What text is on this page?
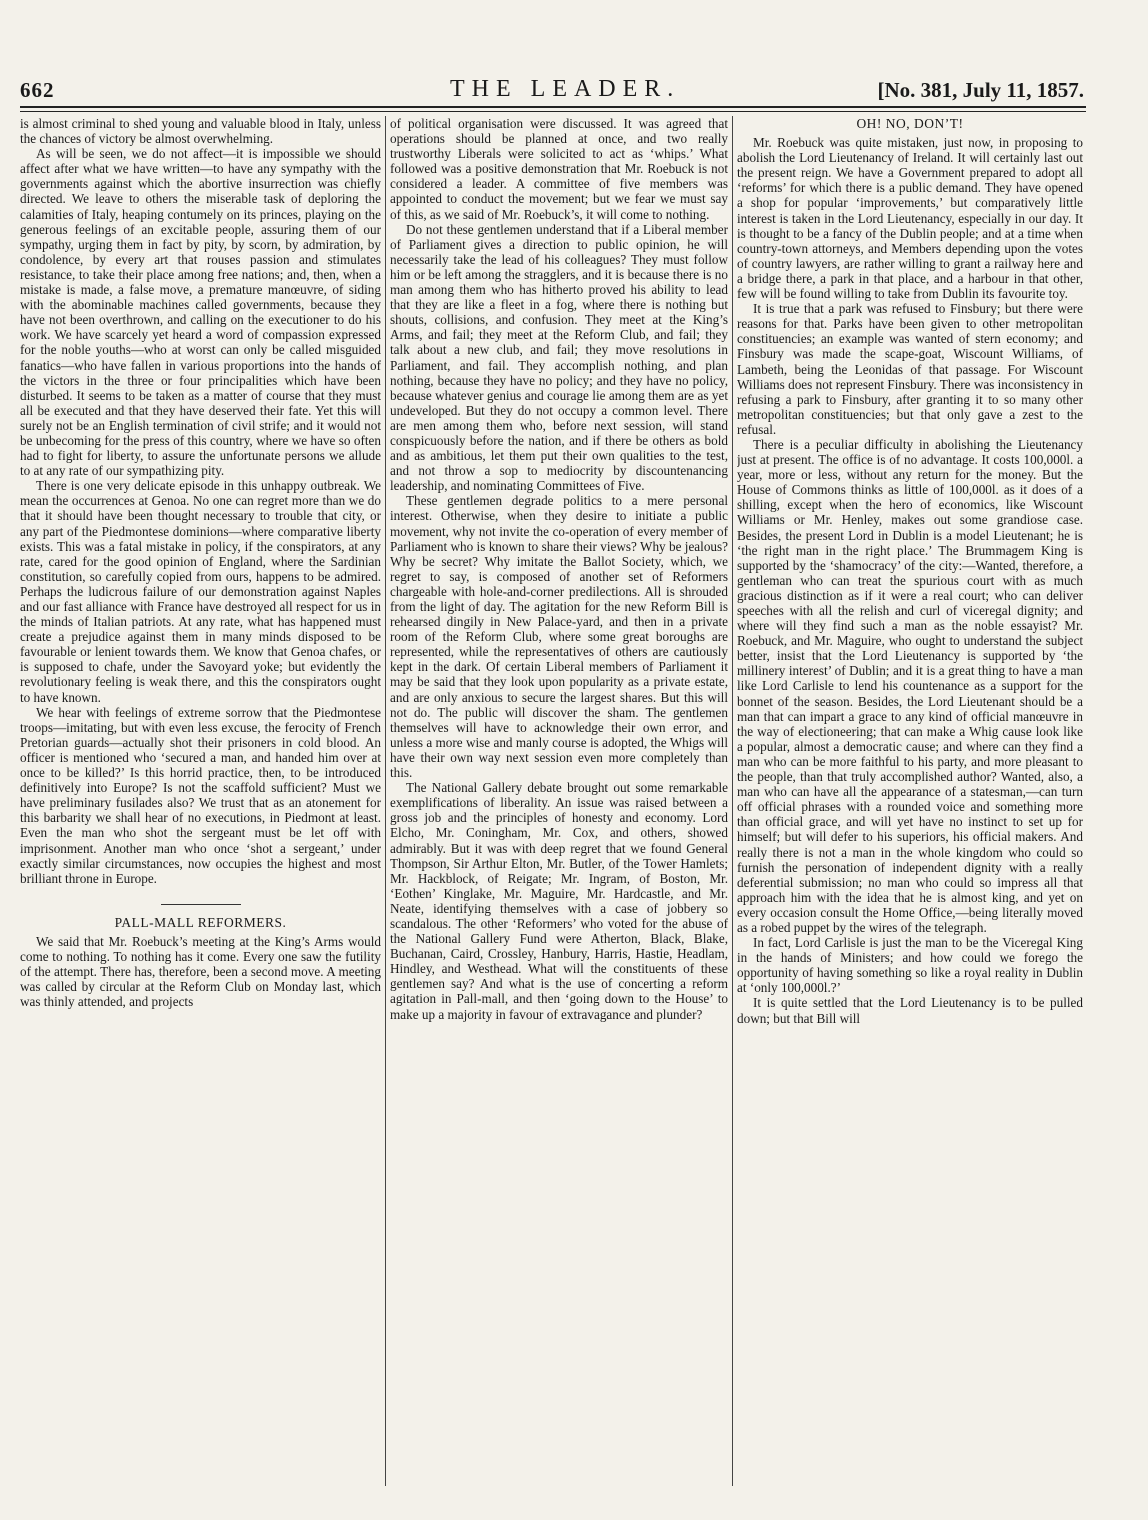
662	THE LEADER.	[No. 381, July 11, 1857.

is almost criminal to shed young and valuable blood in Italy, unless the chances of victory be almost overwhelming.

As will be seen, we do not affect—it is impossible we should affect after what we have written—to have any sympathy with the governments against which the abortive insurrection was chiefly directed. We leave to others the miserable task of deploring the calamities of Italy, heaping contumely on its princes, playing on the generous feelings of an excitable people, assuring them of our sympathy, urging them in fact by pity, by scorn, by admiration, by condolence, by every art that rouses passion and stimulates resistance, to take their place among free nations; and, then, when a mistake is made, a false move, a premature manœuvre, of siding with the abominable machines called governments, because they have not been overthrown, and calling on the executioner to do his work. We have scarcely yet heard a word of compassion expressed for the noble youths—who at worst can only be called misguided fanatics—who have fallen in various proportions into the hands of the victors in the three or four principalities which have been disturbed. It seems to be taken as a matter of course that they must all be executed and that they have deserved their fate. Yet this will surely not be an English termination of civil strife; and it would not be unbecoming for the press of this country, where we have so often had to fight for liberty, to assure the unfortunate persons we allude to at any rate of our sympathizing pity.

There is one very delicate episode in this unhappy outbreak. We mean the occurrences at Genoa. No one can regret more than we do that it should have been thought necessary to trouble that city, or any part of the Piedmontese dominions—where comparative liberty exists. This was a fatal mistake in policy, if the conspirators, at any rate, cared for the good opinion of England, where the Sardinian constitution, so carefully copied from ours, happens to be admired. Perhaps the ludicrous failure of our demonstration against Naples and our fast alliance with France have destroyed all respect for us in the minds of Italian patriots. At any rate, what has happened must create a prejudice against them in many minds disposed to be favourable or lenient towards them. We know that Genoa chafes, or is supposed to chafe, under the Savoyard yoke; but evidently the revolutionary feeling is weak there, and this the conspirators ought to have known.

We hear with feelings of extreme sorrow that the Piedmontese troops—imitating, but with even less excuse, the ferocity of French Pretorian guards—actually shot their prisoners in cold blood. An officer is mentioned who ‘secured a man, and handed him over at once to be killed?’ Is this horrid practice, then, to be introduced definitively into Europe? Is not the scaffold sufficient? Must we have preliminary fusilades also? We trust that as an atonement for this barbarity we shall hear of no executions, in Piedmont at least. Even the man who shot the sergeant must be let off with imprisonment. Another man who once ‘shot a sergeant,’ under exactly similar circumstances, now occupies the highest and most brilliant throne in Europe.

PALL-MALL REFORMERS.

We said that Mr. Roebuck’s meeting at the King’s Arms would come to nothing. To nothing has it come. Every one saw the futility of the attempt. There has, therefore, been a second move. A meeting was called by circular at the Reform Club on Monday last, which was thinly attended, and projects

of political organisation were discussed. It was agreed that operations should be planned at once, and two really trustworthy Liberals were solicited to act as ‘whips.’ What followed was a positive demonstration that Mr. Roebuck is not considered a leader. A committee of five members was appointed to conduct the movement; but we fear we must say of this, as we said of Mr. Roebuck’s, it will come to nothing.

Do not these gentlemen understand that if a Liberal member of Parliament gives a direction to public opinion, he will necessarily take the lead of his colleagues? They must follow him or be left among the stragglers, and it is because there is no man among them who has hitherto proved his ability to lead that they are like a fleet in a fog, where there is nothing but shouts, collisions, and confusion. They meet at the King’s Arms, and fail; they meet at the Reform Club, and fail; they talk about a new club, and fail; they move resolutions in Parliament, and fail. They accomplish nothing, and plan nothing, because they have no policy; and they have no policy, because whatever genius and courage lie among them are as yet undeveloped. But they do not occupy a common level. There are men among them who, before next session, will stand conspicuously before the nation, and if there be others as bold and as ambitious, let them put their own qualities to the test, and not throw a sop to mediocrity by discountenancing leadership, and nominating Committees of Five.

These gentlemen degrade politics to a mere personal interest. Otherwise, when they desire to initiate a public movement, why not invite the co-operation of every member of Parliament who is known to share their views? Why be jealous? Why be secret? Why imitate the Ballot Society, which, we regret to say, is composed of another set of Reformers chargeable with hole-and-corner predilections. All is shrouded from the light of day. The agitation for the new Reform Bill is rehearsed dingily in New Palace-yard, and then in a private room of the Reform Club, where some great boroughs are represented, while the representatives of others are cautiously kept in the dark. Of certain Liberal members of Parliament it may be said that they look upon popularity as a private estate, and are only anxious to secure the largest shares. But this will not do. The public will discover the sham. The gentlemen themselves will have to acknowledge their own error, and unless a more wise and manly course is adopted, the Whigs will have their own way next session even more completely than this.

The National Gallery debate brought out some remarkable exemplifications of liberality. An issue was raised between a gross job and the principles of honesty and economy. Lord Elcho, Mr. Coningham, Mr. Cox, and others, showed admirably. But it was with deep regret that we found General Thompson, Sir Arthur Elton, Mr. Butler, of the Tower Hamlets; Mr. Hackblock, of Reigate; Mr. Ingram, of Boston, Mr. ‘Eothen’ Kinglake, Mr. Maguire, Mr. Hardcastle, and Mr. Neate, identifying themselves with a case of jobbery so scandalous. The other ‘Reformers’ who voted for the abuse of the National Gallery Fund were Atherton, Black, Blake, Buchanan, Caird, Crossley, Hanbury, Harris, Hastie, Headlam, Hindley, and Westhead. What will the constituents of these gentlemen say? And what is the use of concerting a reform agitation in Pall-mall, and then ‘going down to the House’ to make up a majority in favour of extravagance and plunder?

OH! NO, DON’T!

Mr. Roebuck was quite mistaken, just now, in proposing to abolish the Lord Lieutenancy of Ireland. It will certainly last out the present reign. We have a Government prepared to adopt all ‘reforms’ for which there is a public demand. They have opened a shop for popular ‘improvements,’ but comparatively little interest is taken in the Lord Lieutenancy, especially in our day. It is thought to be a fancy of the Dublin people; and at a time when country-town attorneys, and Members depending upon the votes of country lawyers, are rather willing to grant a railway here and a bridge there, a park in that place, and a harbour in that other, few will be found willing to take from Dublin its favourite toy.

It is true that a park was refused to Finsbury; but there were reasons for that. Parks have been given to other metropolitan constituencies; an example was wanted of stern economy; and Finsbury was made the scape-goat, Wiscount Williams, of Lambeth, being the Leonidas of that passage. For Wiscount Williams does not represent Finsbury. There was inconsistency in refusing a park to Finsbury, after granting it to so many other metropolitan constituencies; but that only gave a zest to the refusal.

There is a peculiar difficulty in abolishing the Lieutenancy just at present. The office is of no advantage. It costs 100,000l. a year, more or less, without any return for the money. But the House of Commons thinks as little of 100,000l. as it does of a shilling, except when the hero of economics, like Wiscount Williams or Mr. Henley, makes out some grandiose case. Besides, the present Lord in Dublin is a model Lieutenant; he is ‘the right man in the right place.’ The Brummagem King is supported by the ‘shamocracy’ of the city:—Wanted, therefore, a gentleman who can treat the spurious court with as much gracious distinction as if it were a real court; who can deliver speeches with all the relish and curl of viceregal dignity; and where will they find such a man as the noble essayist? Mr. Roebuck, and Mr. Maguire, who ought to understand the subject better, insist that the Lord Lieutenancy is supported by ‘the millinery interest’ of Dublin; and it is a great thing to have a man like Lord Carlisle to lend his countenance as a support for the bonnet of the season. Besides, the Lord Lieutenant should be a man that can impart a grace to any kind of official manœuvre in the way of electioneering; that can make a Whig cause look like a popular, almost a democratic cause; and where can they find a man who can be more faithful to his party, and more pleasant to the people, than that truly accomplished author? Wanted, also, a man who can have all the appearance of a statesman,—can turn off official phrases with a rounded voice and something more than official grace, and will yet have no instinct to set up for himself; but will defer to his superiors, his official makers. And really there is not a man in the whole kingdom who could so furnish the personation of independent dignity with a really deferential submission; no man who could so impress all that approach him with the idea that he is almost king, and yet on every occasion consult the Home Office,—being literally moved as a robed puppet by the wires of the telegraph.

In fact, Lord Carlisle is just the man to be the Viceregal King in the hands of Ministers; and how could we forego the opportunity of having something so like a royal reality in Dublin at ‘only 100,000l.?’

It is quite settled that the Lord Lieutenancy is to be pulled down; but that Bill will
